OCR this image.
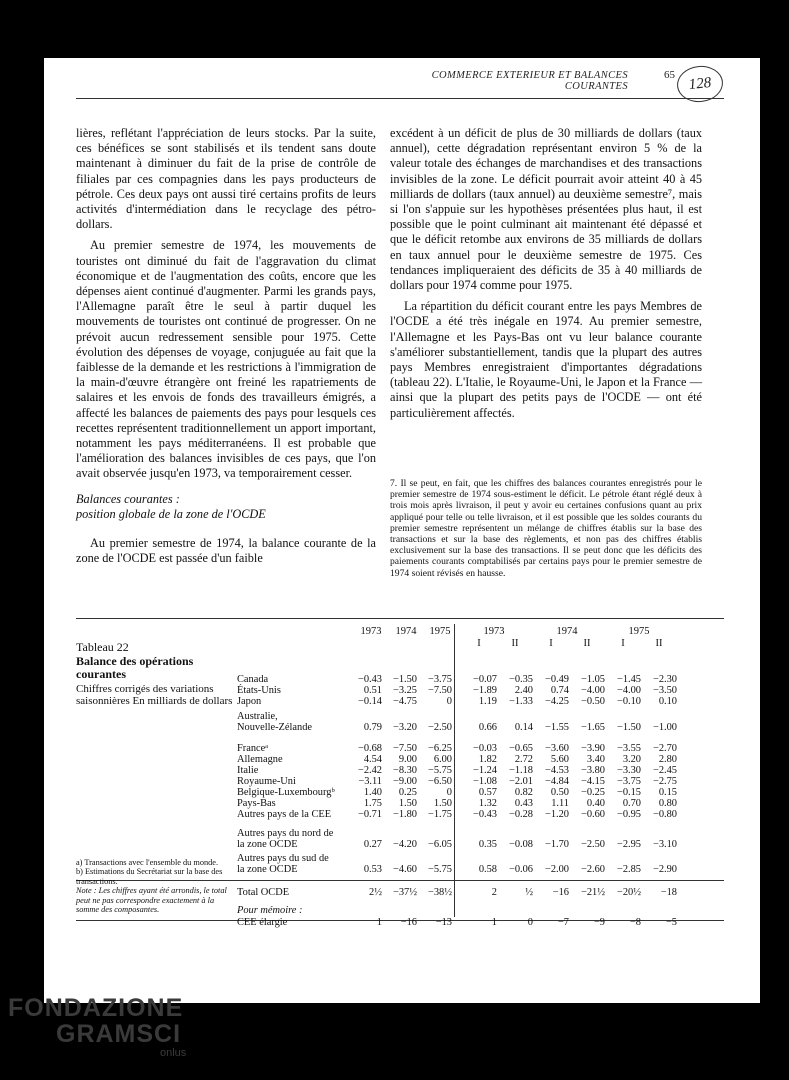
COMMERCE EXTERIEUR ET BALANCES COURANTES
65 128

lières, reflétant l'appréciation de leurs stocks. Par la suite, ces bénéfices se sont stabilisés et ils tendent sans doute maintenant à diminuer du fait de la prise de contrôle de filiales par ces compagnies dans les pays producteurs de pétrole. Ces deux pays ont aussi tiré certains profits de leurs activités d'intermédiation dans le recyclage des pétro-dollars.

Au premier semestre de 1974, les mouvements de touristes ont diminué du fait de l'aggravation du climat économique et de l'augmentation des coûts, encore que les dépenses aient continué d'augmenter. Parmi les grands pays, l'Allemagne paraît être le seul à partir duquel les mouvements de touristes ont continué de progresser. On ne prévoit aucun redressement sensible pour 1975. Cette évolution des dépenses de voyage, conjuguée au fait que la faiblesse de la demande et les restrictions à l'immigration de la main-d'œuvre étrangère ont freiné les rapatriements de salaires et les envois de fonds des travailleurs émigrés, a affecté les balances de paiements des pays pour lesquels ces recettes représentent traditionnellement un apport important, notamment les pays méditerranéens. Il est probable que l'amélioration des balances invisibles de ces pays, que l'on avait observée jusqu'en 1973, va temporairement cesser.

Balances courantes :
position globale de la zone de l'OCDE

Au premier semestre de 1974, la balance courante de la zone de l'OCDE est passée d'un faible

excédent à un déficit de plus de 30 milliards de dollars (taux annuel), cette dégradation représentant environ 5 % de la valeur totale des échanges de marchandises et des transactions invisibles de la zone. Le déficit pourrait avoir atteint 40 à 45 milliards de dollars (taux annuel) au deuxième semestre⁷, mais si l'on s'appuie sur les hypothèses présentées plus haut, il est possible que le point culminant ait maintenant été dépassé et que le déficit retombe aux environs de 35 milliards de dollars en taux annuel pour le deuxième semestre de 1975. Ces tendances impliqueraient des déficits de 35 à 40 milliards de dollars pour 1974 comme pour 1975.

La répartition du déficit courant entre les pays Membres de l'OCDE a été très inégale en 1974. Au premier semestre, l'Allemagne et les Pays-Bas ont vu leur balance courante s'améliorer substantiellement, tandis que la plupart des autres pays Membres enregistraient d'importantes dégradations (tableau 22). L'Italie, le Royaume-Uni, le Japon et la France — ainsi que la plupart des petits pays de l'OCDE — ont été particulièrement affectés.

7. Il se peut, en fait, que les chiffres des balances courantes enregistrés pour le premier semestre de 1974 sous-estiment le déficit. Le pétrole étant réglé deux à trois mois après livraison, il peut y avoir eu certaines confusions quant au prix appliqué pour telle ou telle livraison, et il est possible que les soldes courants du premier semestre représentent un mélange de chiffres établis sur la base des transactions et sur la base des règlements, et non pas des chiffres établis exclusivement sur la base des transactions. Il se peut donc que les déficits des paiements courants comptabilisés par certains pays pour le premier semestre de 1974 soient révisés en hausse.
Tableau 22
Balance des opérations courantes
Chiffres corrigés des variations saisonnières En milliards de dollars
a) Transactions avec l'ensemble du monde.
b) Estimations du Secrétariat sur la base des transactions.
Note : Les chiffres ayant été arrondis, le total peut ne pas correspondre exactement à la somme des composantes.
1973	1974	1975	1973	1974	1975
I	II	I	II	I	II
Canada	−0.43	−1.50	−3.75	−0.07	−0.35	−0.49	−1.05	−1.45	−2.30
États-Unis	0.51	−3.25	−7.50	−1.89	2.40	0.74	−4.00	−4.00	−3.50
Japon	−0.14	−4.75	0	1.19	−1.33	−4.25	−0.50	−0.10	0.10
Australie,
Nouvelle-Zélande	0.79	−3.20	−2.50	0.66	0.14	−1.55	−1.65	−1.50	−1.00
Franceᵃ	−0.68	−7.50	−6.25	−0.03	−0.65	−3.60	−3.90	−3.55	−2.70
Allemagne	4.54	9.00	6.00	1.82	2.72	5.60	3.40	3.20	2.80
Italie	−2.42	−8.30	−5.75	−1.24	−1.18	−4.53	−3.80	−3.30	−2.45
Royaume-Uni	−3.11	−9.00	−6.50	−1.08	−2.01	−4.84	−4.15	−3.75	−2.75
Belgique-Luxembourgᵇ	1.40	0.25	0	0.57	0.82	0.50	−0.25	−0.15	0.15
Pays-Bas	1.75	1.50	1.50	1.32	0.43	1.11	0.40	0.70	0.80
Autres pays de la CEE	−0.71	−1.80	−1.75	−0.43	−0.28	−1.20	−0.60	−0.95	−0.80
Autres pays du nord de
la zone OCDE	0.27	−4.20	−6.05	0.35	−0.08	−1.70	−2.50	−2.95	−3.10
Autres pays du sud de
la zone OCDE	0.53	−4.60	−5.75	0.58	−0.06	−2.00	−2.60	−2.85	−2.90
Total OCDE	2½	−37½	−38½	2	½	−16	−21½	−20½	−18
Pour mémoire :
CEE élargie	1	−16	−13	1	0	−7	−9	−8	−5
FONDAZIONE
GRAMSCI
onlus
